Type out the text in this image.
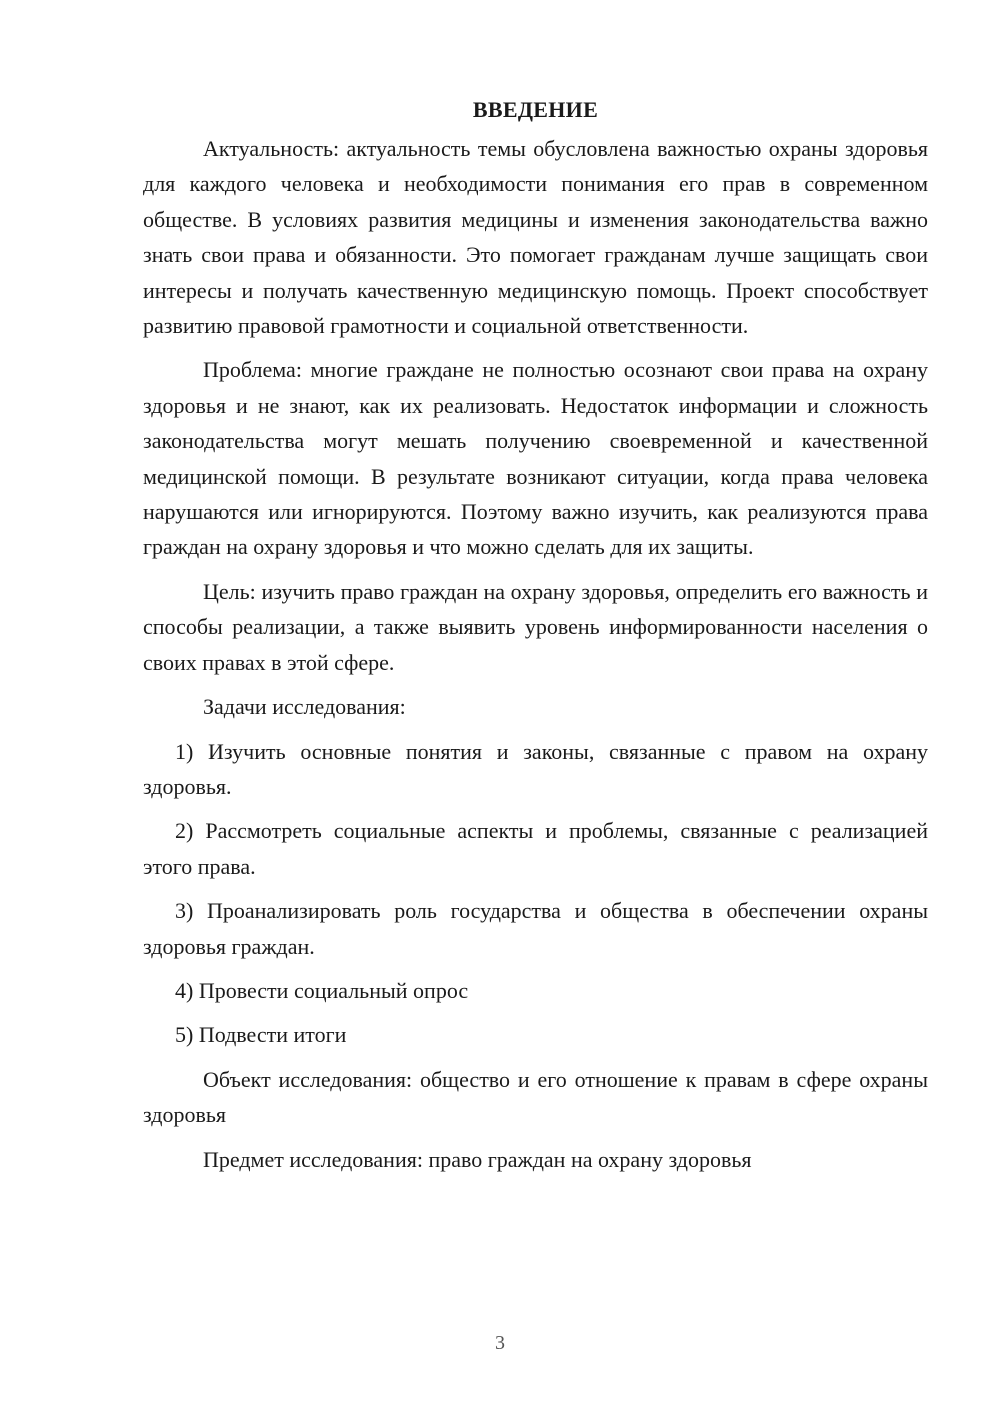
ВВЕДЕНИЕ

Актуальность: актуальность темы обусловлена важностью охраны здоровья для каждого человека и необходимости понимания его прав в современном обществе. В условиях развития медицины и изменения законодательства важно знать свои права и обязанности. Это помогает гражданам лучше защищать свои интересы и получать качественную медицинскую помощь. Проект способствует развитию правовой грамотности и социальной ответственности.

Проблема: многие граждане не полностью осознают свои права на охрану здоровья и не знают, как их реализовать. Недостаток информации и сложность законодательства могут мешать получению своевременной и качественной медицинской помощи. В результате возникают ситуации, когда права человека нарушаются или игнорируются. Поэтому важно изучить, как реализуются права граждан на охрану здоровья и что можно сделать для их защиты.

Цель: изучить право граждан на охрану здоровья, определить его важность и способы реализации, а также выявить уровень информированности населения о своих правах в этой сфере.

Задачи исследования:

1) Изучить основные понятия и законы, связанные с правом на охрану здоровья.

2) Рассмотреть социальные аспекты и проблемы, связанные с реализацией этого права.

3) Проанализировать роль государства и общества в обеспечении охраны здоровья граждан.

4) Провести социальный опрос

5) Подвести итоги

Объект исследования: общество и его отношение к правам в сфере охраны здоровья

Предмет исследования: право граждан на охрану здоровья

3
